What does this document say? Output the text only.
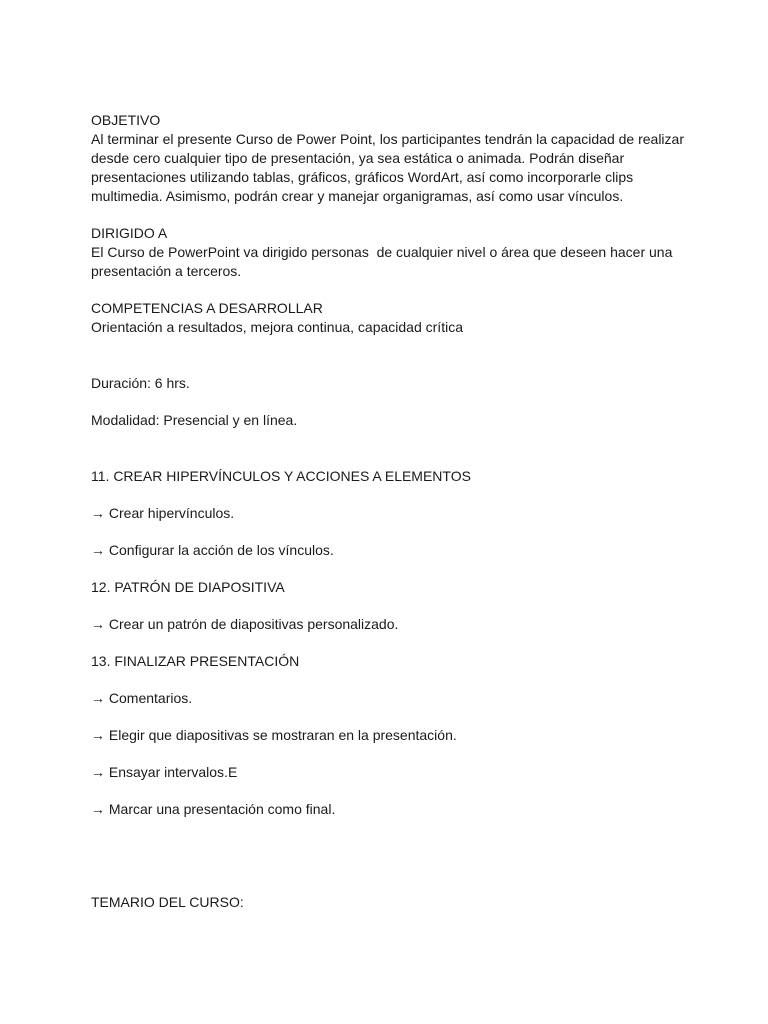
OBJETIVO

Al terminar el presente Curso de Power Point, los participantes tendrán la capacidad de realizar

desde cero cualquier tipo de presentación, ya sea estática o animada. Podrán diseñar

presentaciones utilizando tablas, gráficos, gráficos WordArt, así como incorporarle clips

multimedia. Asimismo, podrán crear y manejar organigramas, así como usar vínculos.

DIRIGIDO A

El Curso de PowerPoint va dirigido personas  de cualquier nivel o área que deseen hacer una

presentación a terceros.

COMPETENCIAS A DESARROLLAR

Orientación a resultados, mejora continua, capacidad crítica

Duración: 6 hrs.

Modalidad: Presencial y en línea.

11. CREAR HIPERVÍNCULOS Y ACCIONES A ELEMENTOS

→ Crear hipervínculos.

→ Configurar la acción de los vínculos.

12. PATRÓN DE DIAPOSITIVA

→ Crear un patrón de diapositivas personalizado.

13. FINALIZAR PRESENTACIÓN

→ Comentarios.

→ Elegir que diapositivas se mostraran en la presentación.

→ Ensayar intervalos.E

→ Marcar una presentación como final.

TEMARIO DEL CURSO:
